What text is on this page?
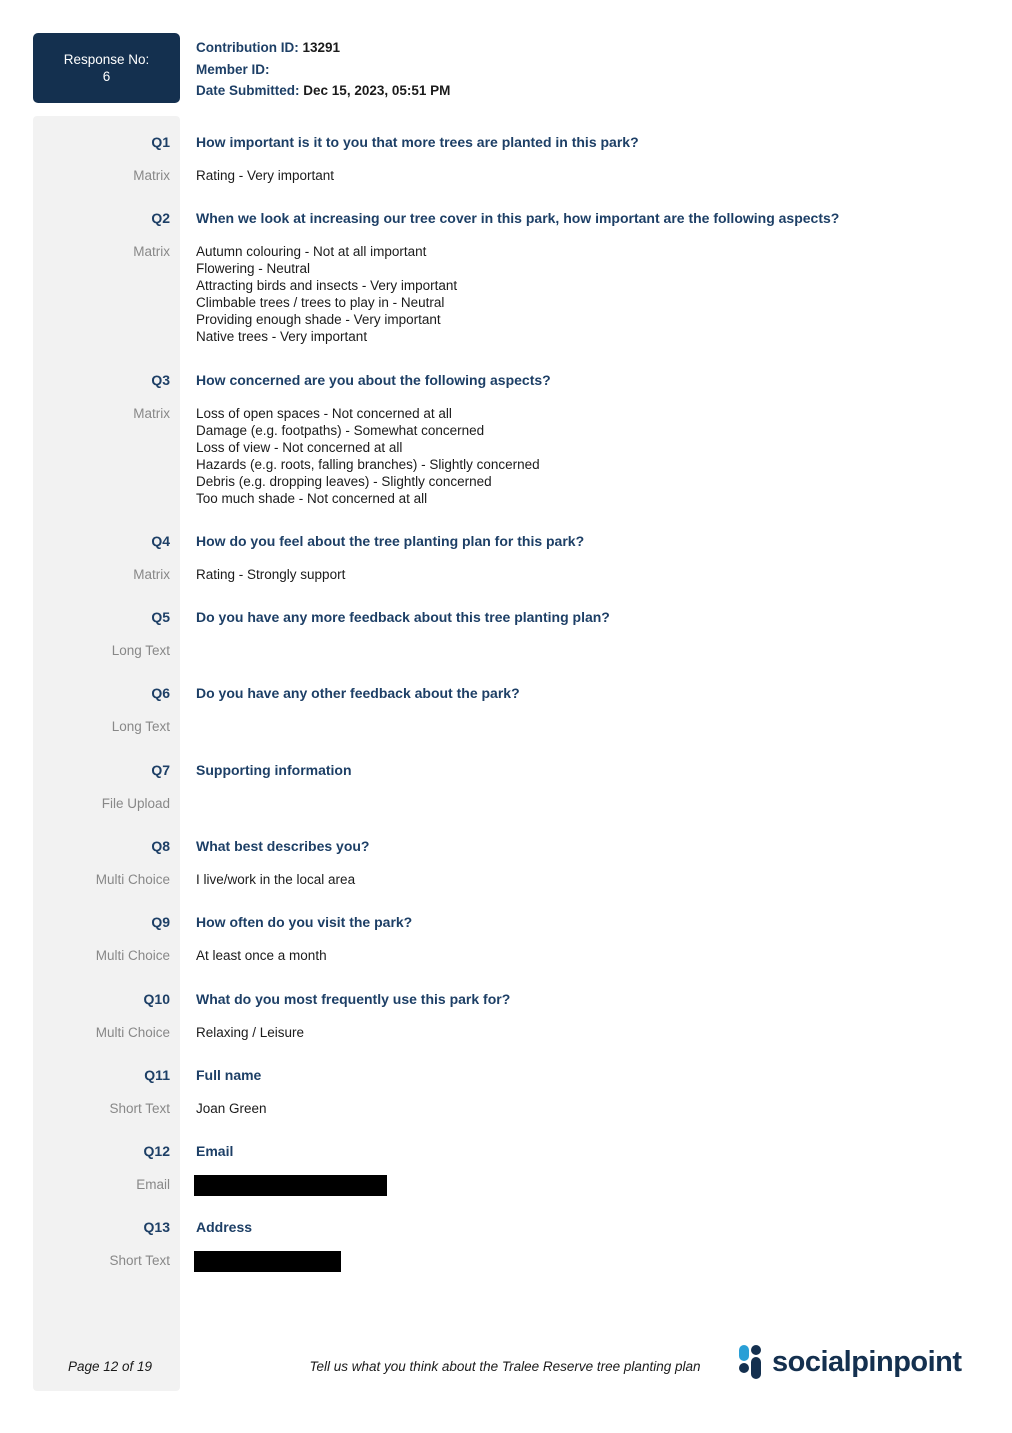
Response No:
6
Contribution ID: 13291
Member ID:
Date Submitted: Dec 15, 2023, 05:51 PM
Q1 How important is it to you that more trees are planted in this park?
Matrix Rating - Very important
Q2 When we look at increasing our tree cover in this park, how important are the following aspects?
Matrix Autumn colouring - Not at all important
Flowering - Neutral
Attracting birds and insects - Very important
Climbable trees / trees to play in - Neutral
Providing enough shade - Very important
Native trees - Very important
Q3 How concerned are you about the following aspects?
Matrix Loss of open spaces - Not concerned at all
Damage (e.g. footpaths) - Somewhat concerned
Loss of view - Not concerned at all
Hazards (e.g. roots, falling branches) - Slightly concerned
Debris (e.g. dropping leaves) - Slightly concerned
Too much shade - Not concerned at all
Q4 How do you feel about the tree planting plan for this park?
Matrix Rating - Strongly support
Q5 Do you have any more feedback about this tree planting plan?
Long Text
Q6 Do you have any other feedback about the park?
Long Text
Q7 Supporting information
File Upload
Q8 What best describes you?
Multi Choice I live/work in the local area
Q9 How often do you visit the park?
Multi Choice At least once a month
Q10 What do you most frequently use this park for?
Multi Choice Relaxing / Leisure
Q11 Full name
Short Text Joan Green
Q12 Email
Email
Q13 Address
Short Text
Page 12 of 19	Tell us what you think about the Tralee Reserve tree planting plan	socialpinpoint
